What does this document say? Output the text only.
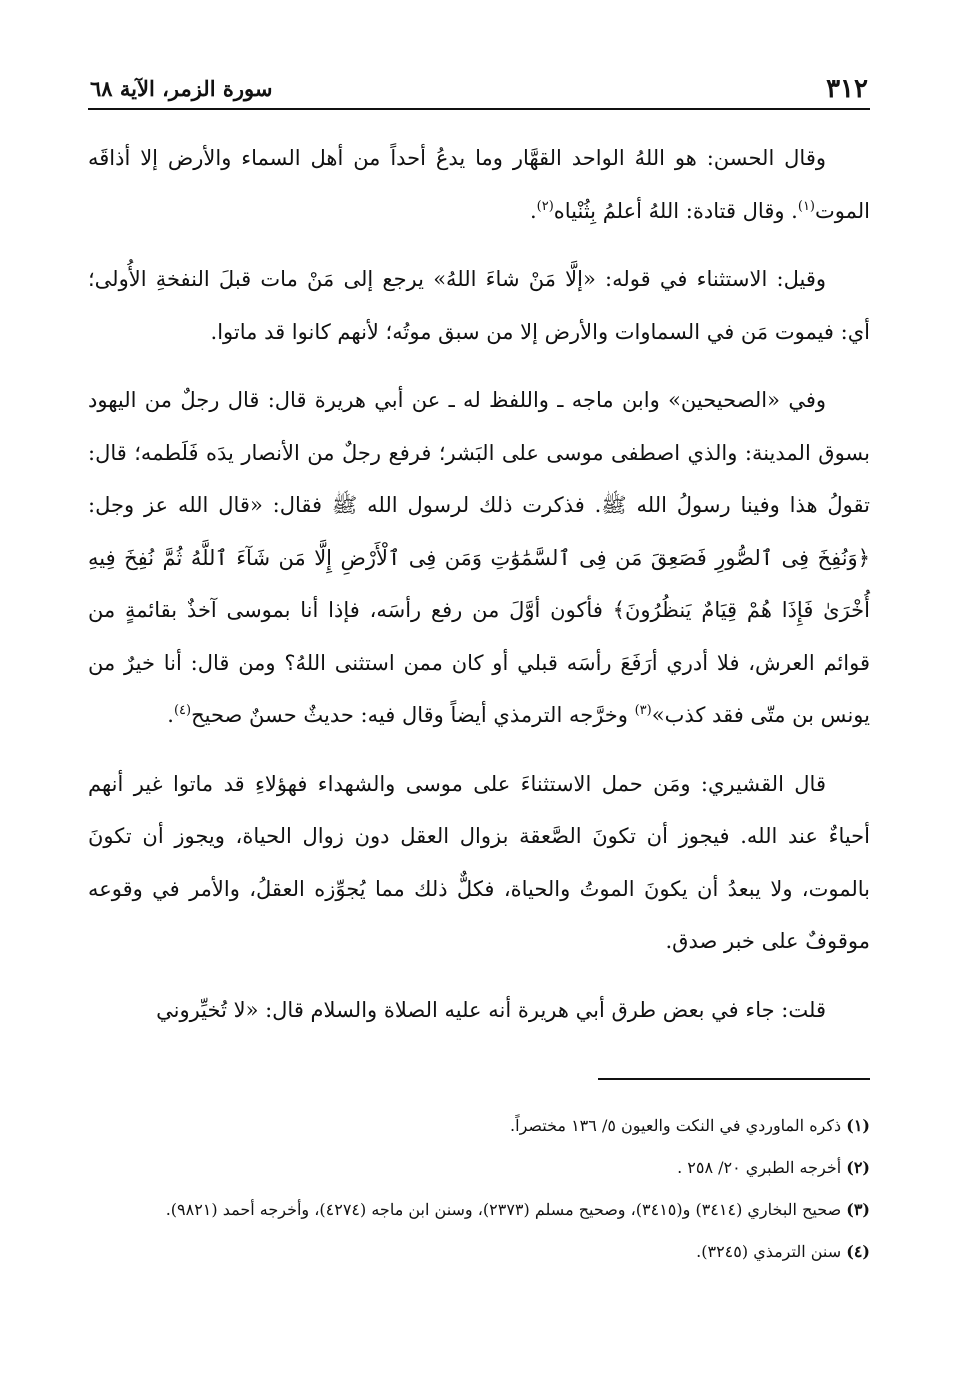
٣١٢
سورة الزمر، الآية ٦٨

وقال الحسن: هو اللهُ الواحد القهَّار وما يدعُ أحداً من أهل السماء والأرض إلا أذاقَه الموت$^{(١)}$. وقال قتادة: اللهُ أعلمُ بِثُنْياه$^{(٢)}$.

وقيل: الاستثناء في قوله: «إلَّا مَنْ شاءَ اللهُ» يرجع إلى مَنْ مات قبلَ النفخةِ الأُولى؛ أي: فيموت مَن في السماوات والأرض إلا من سبق موتُه؛ لأنهم كانوا قد ماتوا.

وفي «الصحيحين» وابن ماجه ـ واللفظ له ـ عن أبي هريرة قال: قال رجلٌ من اليهود بسوق المدينة: والذي اصطفى موسى على البَشر؛ فرفع رجلٌ من الأنصار يدَه فَلَطمه؛ قال: تقولُ هذا وفينا رسولُ الله ﷺ. فذكرت ذلك لرسول الله ﷺ فقال: «قال الله عز وجل: ﴿وَنُفِخَ فِى ٱلصُّورِ فَصَعِقَ مَن فِى ٱلسَّمَٰوَٰتِ وَمَن فِى ٱلْأَرْضِ إِلَّا مَن شَآءَ ٱللَّهُ ثُمَّ نُفِخَ فِيهِ أُخْرَىٰ فَإِذَا هُمْ قِيَامٌ يَنظُرُونَ﴾ فأكون أوَّلَ من رفع رأسَه، فإذا أنا بموسى آخذٌ بقائمةٍ من قوائم العرش، فلا أدري أرَفَعَ رأسَه قبلي أو كان ممن استثنى اللهُ؟ ومن قال: أنا خيرٌ من يونس بن متّى فقد كذب»$^{(٣)}$ وخرَّجه الترمذي أيضاً وقال فيه: حديثٌ حسنٌ صحيح$^{(٤)}$.

قال القشيري: ومَن حمل الاستثناءَ على موسى والشهداء فهؤلاءِ قد ماتوا غير أنهم أحياءٌ عند الله. فيجوز أن تكونَ الصَّعقة بزوال العقل دون زوال الحياة، ويجوز أن تكونَ بالموت، ولا يبعدُ أن يكونَ الموتُ والحياة، فكلٌّ ذلك مما يُجوِّزه العقلُ، والأمر في وقوعه موقوفٌ على خبر صدق.

قلت: جاء في بعض طرق أبي هريرة أنه عليه الصلاة والسلام قال: «لا تُخيِّروني

(١) ذكره الماوردي في النكت والعيون ٥/ ١٣٦ مختصراً.

(٢) أخرجه الطبري ٢٠/ ٢٥٨ .

(٣) صحيح البخاري (٣٤١٤) و(٣٤١٥)، وصحيح مسلم (٢٣٧٣)، وسنن ابن ماجه (٤٢٧٤)، وأخرجه أحمد (٩٨٢١).

(٤) سنن الترمذي (٣٢٤٥).
